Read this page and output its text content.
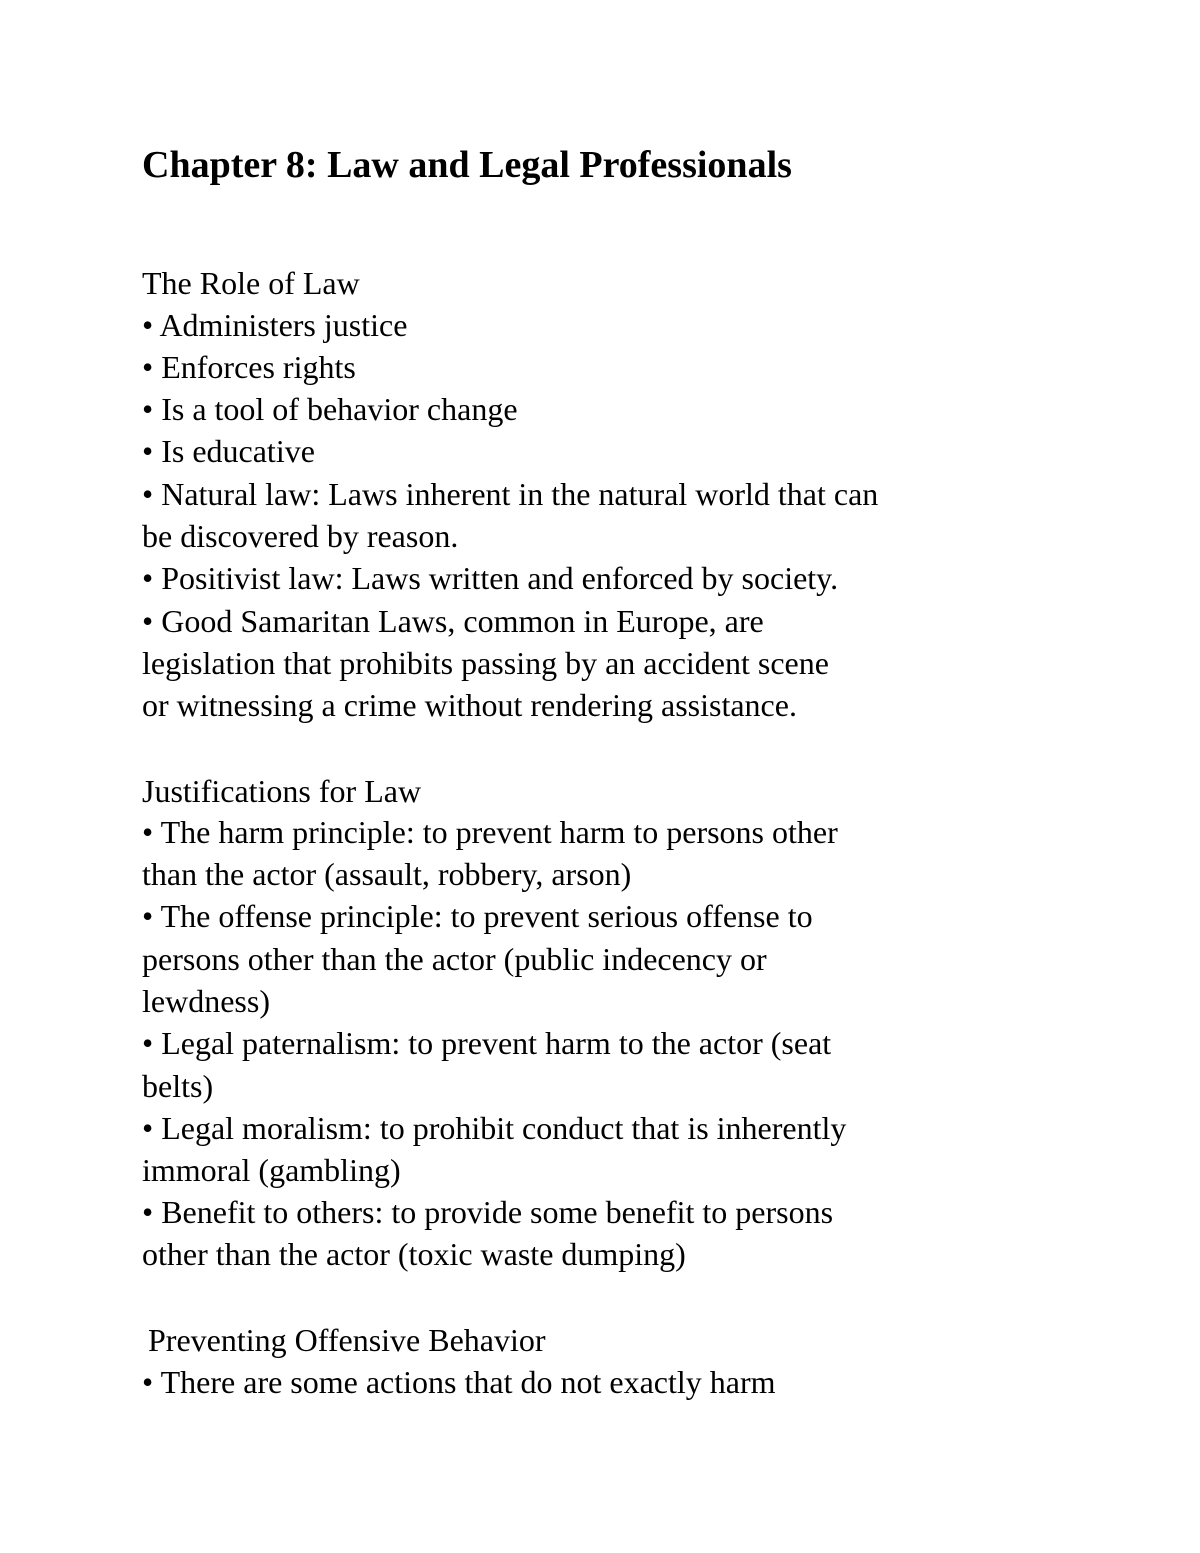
Chapter 8: Law and Legal Professionals

The Role of Law

• Administers justice

• Enforces rights

• Is a tool of behavior change

• Is educative

• Natural law: Laws inherent in the natural world that can

be discovered by reason.

• Positivist law: Laws written and enforced by society.

• Good Samaritan Laws, common in Europe, are

legislation that prohibits passing by an accident scene

or witnessing a crime without rendering assistance.

Justifications for Law

• The harm principle: to prevent harm to persons other

than the actor (assault, robbery, arson)

• The offense principle: to prevent serious offense to

persons other than the actor (public indecency or

lewdness)

• Legal paternalism: to prevent harm to the actor (seat

belts)

• Legal moralism: to prohibit conduct that is inherently

immoral (gambling)

• Benefit to others: to provide some benefit to persons

other than the actor (toxic waste dumping)

Preventing Offensive Behavior

• There are some actions that do not exactly harm
